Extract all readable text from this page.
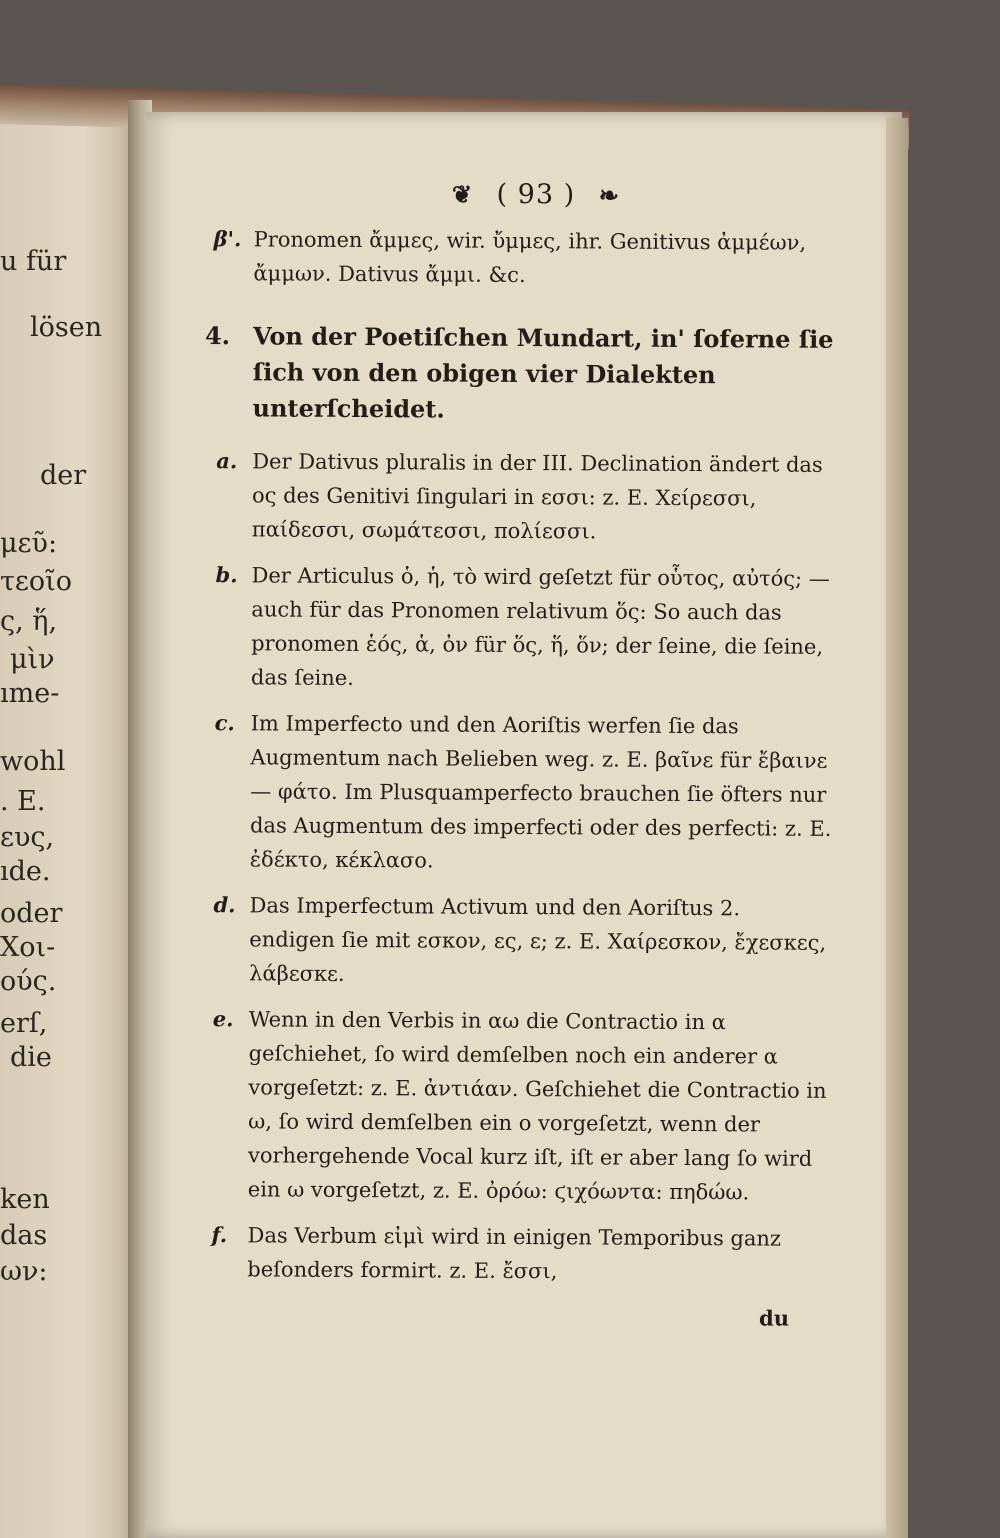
u für
lösen
der
μεῦ:
τεοῖο
ς, ἥ,
μὶν
ıme-
wohl
. E.
ευς,
ıde.
oder
Χοι-
ούς.
erſ,
die
ken
das
ων:
❦ ( 93 ) ❧
β'. Pronomen ἄμμες, wir. ὔμμες, ihr. Genitivus ἀμμέων, ἄμμων. Dativus ἄμμι. &c.

4. Von der Poetiſchen Mundart, in' ſoferne ſie ſich von den obigen vier Dialekten unterſcheidet.

a. Der Dativus pluralis in der III. Declination ändert das ος des Genitivi ſingulari in εσσι: z. E. Χείρεσσι, παίδεσσι, σωμάτεσσι, πολίεσσι.

b. Der Articulus ὁ, ἡ, τὸ wird geſetzt für οὗτος, αὐτός; — auch für das Pronomen relativum ὅς: So auch das pronomen ἑός, ἁ, ὀν für ὅς, ἥ, ὅν; der ſeine, die ſeine, das ſeine.

c. Im Imperfecto und den Aoriſtis werfen ſie das Augmentum nach Belieben weg. z. E. βαῖνε für ἔβαινε — φάτο. Im Plusquamperfecto brauchen ſie öfters nur das Augmentum des imperfecti oder des perfecti: z. E. ἐδέκτο, κέκλασο.

d. Das Imperfectum Activum und den Aoriſtus 2. endigen ſie mit εσκον, ες, ε; z. E. Χαίρεσκον, ἔχεσκες, λάβεσκε.

e. Wenn in den Verbis in αω die Contractio in α geſchiehet, ſo wird demſelben noch ein anderer α vorgeſetzt: z. E. ἀντιάαν. Geſchiehet die Contractio in ω, ſo wird demſelben ein ο vorgeſetzt, wenn der vorhergehende Vocal kurz iſt, iſt er aber lang ſo wird ein ω vorgeſetzt, z. E. ὀρόω: ϛιχόωντα: πηδώω.

f. Das Verbum εἰμὶ wird in einigen Temporibus ganz beſonders formirt. z. E. ἔσσι,

du
